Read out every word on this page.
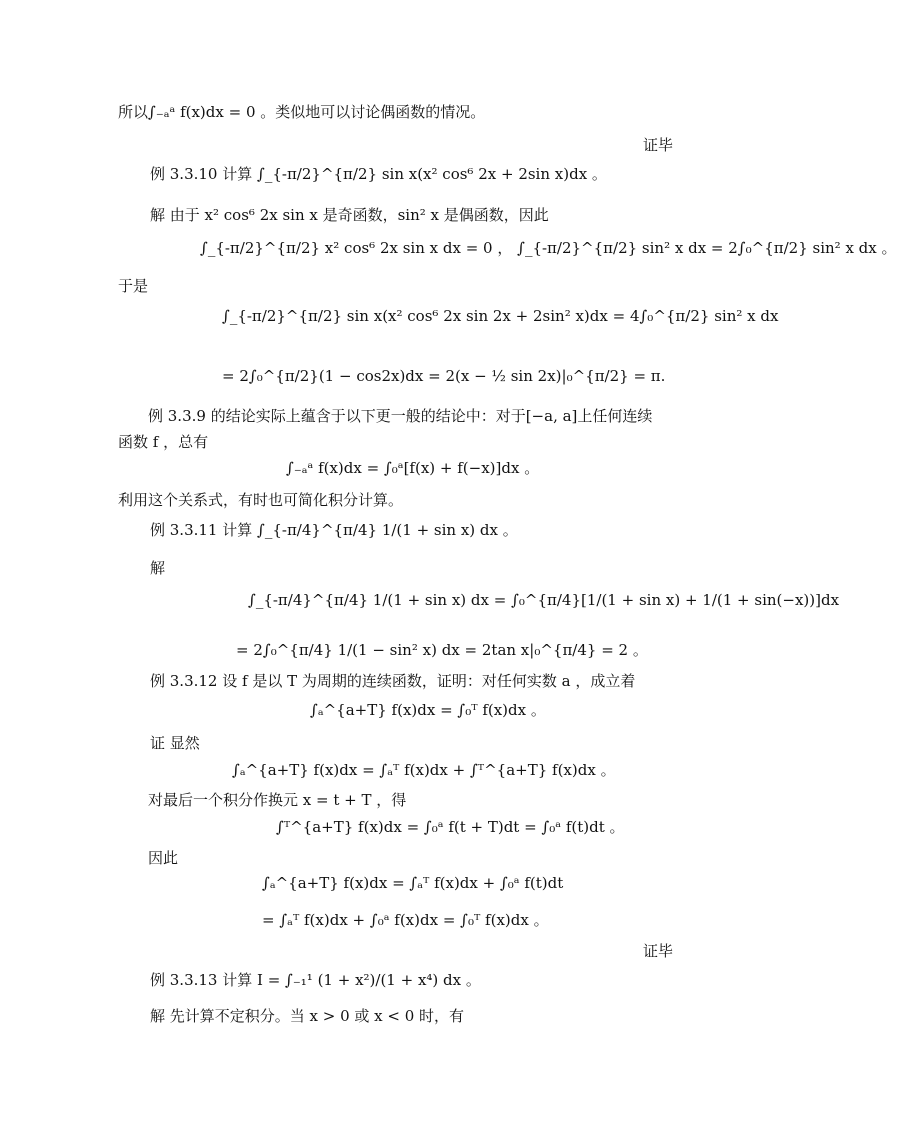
所以∫₋ₐᵃ f(x)dx = 0 。类似地可以讨论偶函数的情况。
例 3.3.10 计算 ∫_{-π/2}^{π/2} sin x(x² cos⁶ 2x + 2sin x)dx 。
解 由于 x² cos⁶ 2x sin x 是奇函数，sin² x 是偶函数，因此
∫_{-π/2}^{π/2} x² cos⁶ 2x sin x dx = 0 ， ∫_{-π/2}^{π/2} sin² x dx = 2∫₀^{π/2} sin² x dx 。
于是
∫_{-π/2}^{π/2} sin x(x² cos⁶ 2x sin 2x + 2sin² x)dx = 4∫₀^{π/2} sin² x dx
= 2∫₀^{π/2}(1 − cos2x)dx = 2(x − ½ sin 2x)|₀^{π/2} = π.
例 3.3.9 的结论实际上蕴含于以下更一般的结论中：对于[−a, a]上任何连续
函数 f ，总有
∫₋ₐᵃ f(x)dx = ∫₀ᵃ[f(x) + f(−x)]dx 。
利用这个关系式，有时也可简化积分计算。
例 3.3.11 计算 ∫_{-π/4}^{π/4} 1/(1 + sin x) dx 。
解
∫_{-π/4}^{π/4} 1/(1 + sin x) dx = ∫₀^{π/4}[1/(1 + sin x) + 1/(1 + sin(−x))]dx
= 2∫₀^{π/4} 1/(1 − sin² x) dx = 2tan x|₀^{π/4} = 2 。
例 3.3.12 设 f 是以 T 为周期的连续函数，证明：对任何实数 a ，成立着
∫ₐ^{a+T} f(x)dx = ∫₀ᵀ f(x)dx 。
证 显然
∫ₐ^{a+T} f(x)dx = ∫ₐᵀ f(x)dx + ∫ᵀ^{a+T} f(x)dx 。
对最后一个积分作换元 x = t + T ，得
∫ᵀ^{a+T} f(x)dx = ∫₀ᵃ f(t + T)dt = ∫₀ᵃ f(t)dt 。
因此
∫ₐ^{a+T} f(x)dx = ∫ₐᵀ f(x)dx + ∫₀ᵃ f(t)dt
= ∫ₐᵀ f(x)dx + ∫₀ᵃ f(x)dx = ∫₀ᵀ f(x)dx 。
例 3.3.13 计算 I = ∫₋₁¹ (1 + x²)/(1 + x⁴) dx 。
解 先计算不定积分。当 x > 0 或 x < 0 时，有
证毕
证毕
